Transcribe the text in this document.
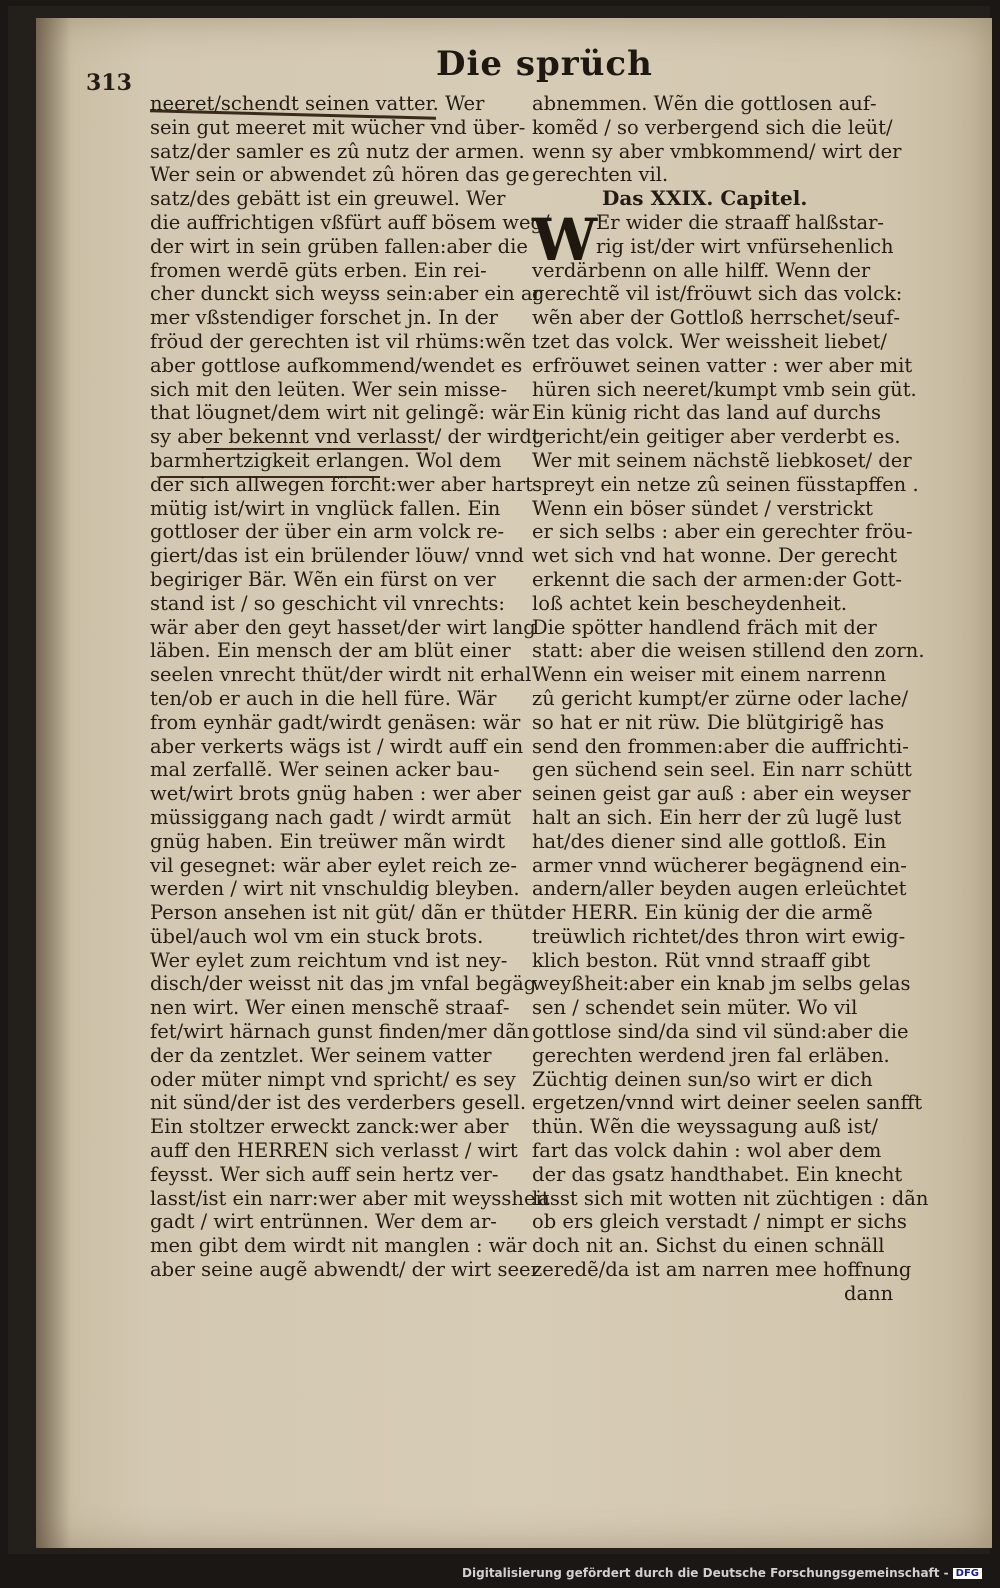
313	Die sprüch
neeret/schendt seinen vatter. Wer
sein gut meeret mit wücher vnd über‐
satz/der samler es zû nutz der armen.
Wer sein or abwendet zû hören das ge
satz/des gebätt ist ein greuwel. Wer
die auffrichtigen vßfürt auff bösem weg/
der wirt in sein grüben fallen:aber die
fromen werdē güts erben. Ein rei‐
cher dunckt sich weyss sein:aber ein ar
mer vßstendiger forschet jn. In der
fröud der gerechten ist vil rhüms:wẽn
aber gottlose aufkommend/wendet es
sich mit den leüten. Wer sein misse‐
that löugnet/dem wirt nit gelingẽ: wär
sy aber bekennt vnd verlasst/ der wirdt
barmhertzigkeit erlangen. Wol dem
der sich allwegen förcht:wer aber hart
mütig ist/wirt in vnglück fallen. Ein
gottloser der über ein arm volck re‐
giert/das ist ein brülender löuw/ vnnd
begiriger Bär. Wẽn ein fürst on ver
stand ist / so geschicht vil vnrechts:
wär aber den geyt hasset/der wirt lang
läben. Ein mensch der am blüt einer
seelen vnrecht thüt/der wirdt nit erhal
ten/ob er auch in die hell füre. Wär
from eynhär gadt/wirdt genäsen: wär
aber verkerts wägs ist / wirdt auff ein
mal zerfallẽ. Wer seinen acker bau‐
wet/wirt brots gnüg haben : wer aber
müssiggang nach gadt / wirdt armüt
gnüg haben. Ein treüwer mãn wirdt
vil gesegnet: wär aber eylet reich ze‐
werden / wirt nit vnschuldig bleyben.
Person ansehen ist nit güt/ dãn er thüt
übel/auch wol vm ein stuck brots.
Wer eylet zum reichtum vnd ist ney‐
disch/der weisst nit das jm vnfal begäg
nen wirt. Wer einen menschẽ straaf‐
fet/wirt härnach gunst finden/mer dãn
der da zentzlet. Wer seinem vatter
oder müter nimpt vnd spricht/ es sey
nit sünd/der ist des verderbers gesell.
Ein stoltzer erweckt zanck:wer aber
auff den HERREN sich verlasst / wirt
feysst. Wer sich auff sein hertz ver‐
lasst/ist ein narr:wer aber mit weyssheit
gadt / wirt entrünnen. Wer dem ar‐
men gibt dem wirdt nit manglen : wär
aber seine augẽ abwendt/ der wirt seer
abnemmen. Wẽn die gottlosen auf‐
komẽd / so verbergend sich die leüt/
wenn sy aber vmbkommend/ wirt der
gerechten vil.
Das XXIX. Capitel.
W
Er wider die straaff halßstar‐
rig ist/der wirt vnfürsehenlich
verdärbenn on alle hilff. Wenn der
gerechtẽ vil ist/fröuwt sich das volck:
wẽn aber der Gottloß herrschet/seuf‐
tzet das volck. Wer weissheit liebet/
erfröuwet seinen vatter : wer aber mit
hüren sich neeret/kumpt vmb sein güt.
Ein künig richt das land auf durchs
gericht/ein geitiger aber verderbt es.
Wer mit seinem nächstẽ liebkoset/ der
spreyt ein netze zû seinen füsstapffen .
Wenn ein böser sündet / verstrickt
er sich selbs : aber ein gerechter fröu‐
wet sich vnd hat wonne. Der gerecht
erkennt die sach der armen:der Gott‐
loß achtet kein bescheydenheit.
Die spötter handlend fräch mit der
statt: aber die weisen stillend den zorn.
Wenn ein weiser mit einem narrenn
zû gericht kumpt/er zürne oder lache/
so hat er nit rüw. Die blütgirigẽ has
send den frommen:aber die auffrichti‐
gen süchend sein seel. Ein narr schütt
seinen geist gar auß : aber ein weyser
halt an sich. Ein herr der zû lugẽ lust
hat/des diener sind alle gottloß. Ein
armer vnnd wücherer begägnend ein‐
andern/aller beyden augen erleüchtet
der HERR. Ein künig der die armẽ
treüwlich richtet/des thron wirt ewig‐
klich beston. Rüt vnnd straaff gibt
weyßheit:aber ein knab jm selbs gelas
sen / schendet sein müter. Wo vil
gottlose sind/da sind vil sünd:aber die
gerechten werdend jren fal erläben.
Züchtig deinen sun/so wirt er dich
ergetzen/vnnd wirt deiner seelen sanfft
thün. Wẽn die weyssagung auß ist/
fart das volck dahin : wol aber dem
der das gsatz handthabet. Ein knecht
lasst sich mit wotten nit züchtigen : dãn
ob ers gleich verstadt / nimpt er sichs
doch nit an. Sichst du einen schnäll
zeredẽ/da ist am narren mee hoffnung
dann
Digitalisierung gefördert durch die Deutsche Forschungsgemeinschaft - DFG
